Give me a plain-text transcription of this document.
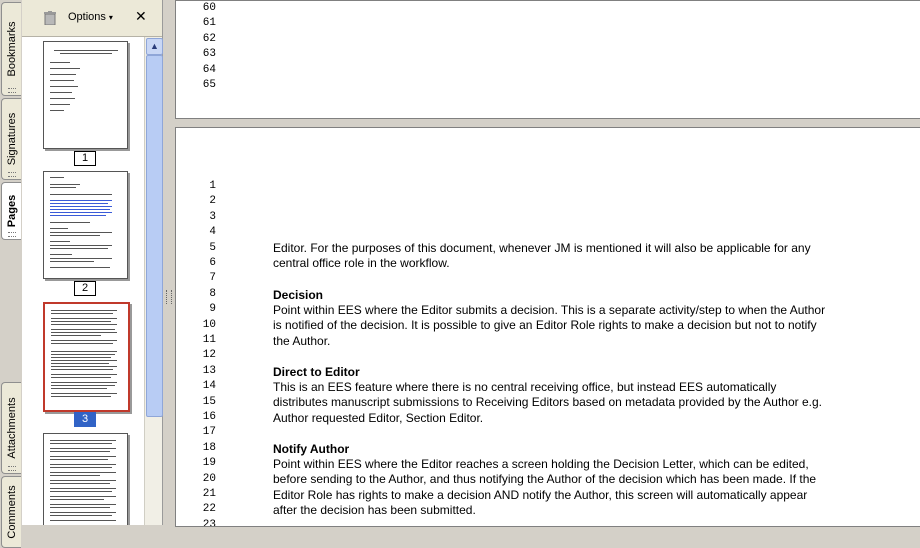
Bookmarks
Signatures
Pages
Attachments
Comments
Options ▾ ✕
1
2
3
▲
60
61
62
63
64
65
1
2
3
4
5
6
7
8
9
10
11
12
13
14
15
16
17
18
19
20
21
22
23
Editor. For the purposes of this document, whenever JM is mentioned it will also be applicable for any
central office role in the workflow.
Decision
Point within EES where the Editor submits a decision. This is a separate activity/step to when the Author
is notified of the decision. It is possible to give an Editor Role rights to make a decision but not to notify
the Author.
Direct to Editor
This is an EES feature where there is no central receiving office, but instead EES automatically
distributes manuscript submissions to Receiving Editors based on metadata provided by the Author e.g.
Author requested Editor, Section Editor.
Notify Author
Point within EES where the Editor reaches a screen holding the Decision Letter, which can be edited,
before sending to the Author, and thus notifying the Author of the decision which has been made. If the
Editor Role has rights to make a decision AND notify the Author, this screen will automatically appear
after the decision has been submitted.
